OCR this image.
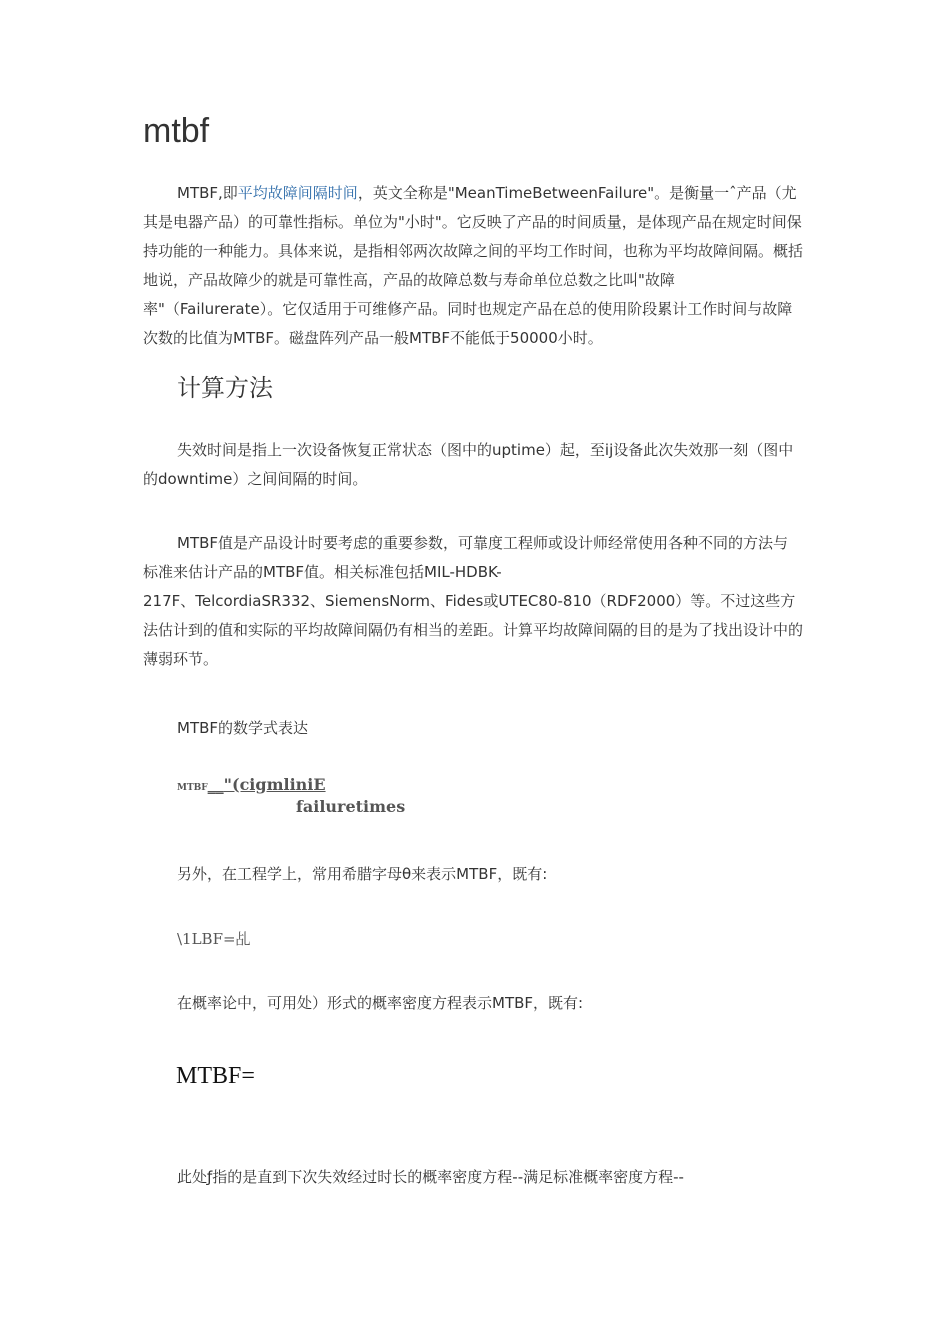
mtbf

MTBF,即平均故障间隔时间，英文全称是"MeanTimeBetweenFailure"。是衡量一ˆ产品（尤其是电器产品）的可靠性指标。单位为"小时"。它反映了产品的时间质量，是体现产品在规定时间保持功能的一种能力。具体来说，是指相邻两次故障之间的平均工作时间，也称为平均故障间隔。概括地说，产品故障少的就是可靠性高，产品的故障总数与寿命单位总数之比叫"故障率"（Failurerate）。它仅适用于可维修产品。同时也规定产品在总的使用阶段累计工作时间与故障次数的比值为MTBF。磁盘阵列产品一般MTBF不能低于50000小时。

计算方法

失效时间是指上一次设备恢复正常状态（图中的uptime）起，至ij设备此次失效那一刻（图中的downtime）之间间隔的时间。

MTBF值是产品设计时要考虑的重要参数，可靠度工程师或设计师经常使用各种不同的方法与标准来估计产品的MTBF值。相关标准包括MIL-HDBK-
217F、TelcordiaSR332、SiemensNorm、Fides或UTEC80-810（RDF2000）等。不过这些方法估计到的值和实际的平均故障间隔仍有相当的差距。计算平均故障间隔的目的是为了找出设计中的薄弱环节。

MTBF的数学式表达

MTBF__"(cigmliniE
failuretimes

另外，在工程学上，常用希腊字母θ来表示MTBF，既有:

\1LBF=乩

在概率论中，可用处）形式的概率密度方程表示MTBF，既有:

MTBF=

此处ƒ指的是直到下次失效经过时长的概率密度方程--满足标准概率密度方程--
